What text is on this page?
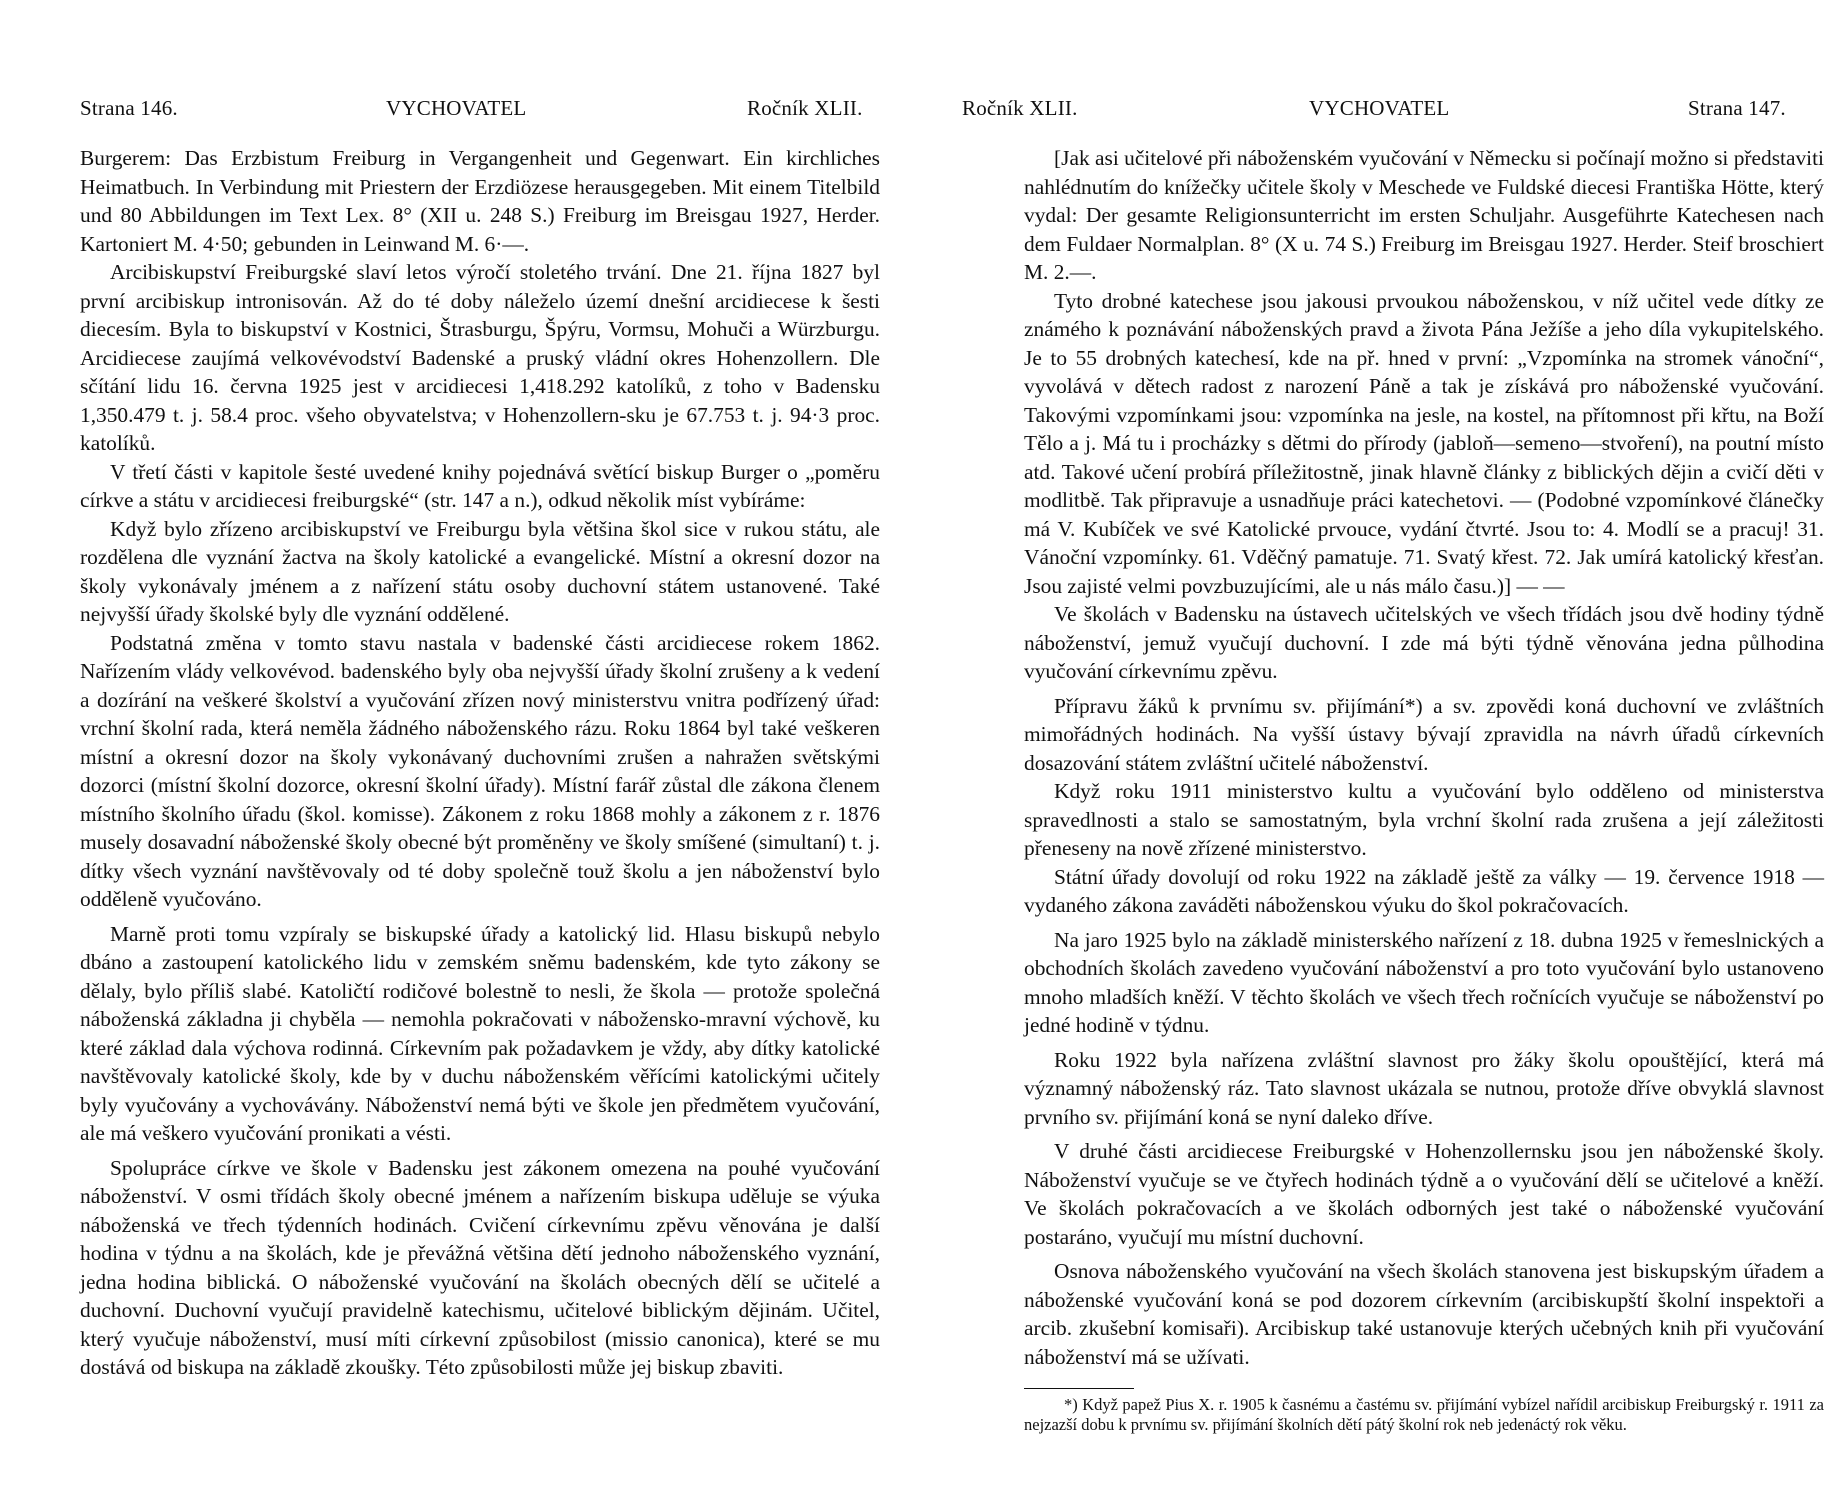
Strana 146.	VYCHOVATEL	Ročník XLII.

Burgerem: Das Erzbistum Freiburg in Vergangenheit und Gegenwart. Ein kirchliches Heimatbuch. In Verbindung mit Priestern der Erzdiözese herausgegeben. Mit einem Titelbild und 80 Abbildungen im Text Lex. 8° (XII u. 248 S.) Freiburg im Breisgau 1927, Herder. Kartoniert M. 4·50; gebunden in Leinwand M. 6·—.

Arcibiskupství Freiburgské slaví letos výročí stoletého trvání. Dne 21. října 1827 byl první arcibiskup intronisován. Až do té doby náleželo území dnešní arcidiecese k šesti diecesím. Byla to biskupství v Kostnici, Štrasburgu, Špýru, Vormsu, Mohuči a Würzburgu. Arcidiecese zaujímá velkovévodství Badenské a pruský vládní okres Hohenzollern. Dle sčítání lidu 16. června 1925 jest v arcidiecesi 1,418.292 katolíků, z toho v Badensku 1,350.479 t. j. 58.4 proc. všeho obyvatelstva; v Hohenzollern-sku je 67.753 t. j. 94·3 proc. katolíků.

V třetí části v kapitole šesté uvedené knihy pojednává světící biskup Burger o „poměru církve a státu v arcidiecesi freiburgské“ (str. 147 a n.), odkud několik míst vybíráme:

Když bylo zřízeno arcibiskupství ve Freiburgu byla většina škol sice v rukou státu, ale rozdělena dle vyznání žactva na školy katolické a evangelické. Místní a okresní dozor na školy vykonávaly jménem a z nařízení státu osoby duchovní státem ustanovené. Také nejvyšší úřady školské byly dle vyznání oddělené.

Podstatná změna v tomto stavu nastala v badenské části arcidiecese rokem 1862. Nařízením vlády velkovévod. badenského byly oba nejvyšší úřady školní zrušeny a k vedení a dozírání na veškeré školství a vyučování zřízen nový ministerstvu vnitra podřízený úřad: vrchní školní rada, která neměla žádného náboženského rázu. Roku 1864 byl také veškeren místní a okresní dozor na školy vykonávaný duchovními zrušen a nahražen světskými dozorci (místní školní dozorce, okresní školní úřady). Místní farář zůstal dle zákona členem místního školního úřadu (škol. komisse). Zákonem z roku 1868 mohly a zákonem z r. 1876 musely dosavadní náboženské školy obecné být proměněny ve školy smíšené (simultaní) t. j. dítky všech vyznání navštěvovaly od té doby společně touž školu a jen náboženství bylo odděleně vyučováno.

Marně proti tomu vzpíraly se biskupské úřady a katolický lid. Hlasu biskupů nebylo dbáno a zastoupení katolického lidu v zemském sněmu badenském, kde tyto zákony se dělaly, bylo příliš slabé. Katoličtí rodičové bolestně to nesli, že škola — protože společná náboženská základna ji chyběla — nemohla pokračovati v nábožensko-mravní výchově, ku které základ dala výchova rodinná. Církevním pak požadavkem je vždy, aby dítky katolické navštěvovaly katolické školy, kde by v duchu náboženském věřícími katolickými učitely byly vyučovány a vychovávány. Náboženství nemá býti ve škole jen předmětem vyučování, ale má veškero vyučování pronikati a vésti.

Spolupráce církve ve škole v Badensku jest zákonem omezena na pouhé vyučování náboženství. V osmi třídách školy obecné jménem a nařízením biskupa uděluje se výuka náboženská ve třech týdenních hodinách. Cvičení církevnímu zpěvu věnována je další hodina v týdnu a na školách, kde je převážná většina dětí jednoho náboženského vyznání, jedna hodina biblická. O náboženské vyučování na školách obecných dělí se učitelé a duchovní. Duchovní vyučují pravidelně katechismu, učitelové biblickým dějinám. Učitel, který vyučuje náboženství, musí míti církevní způsobilost (missio canonica), které se mu dostává od biskupa na základě zkoušky. Této způsobilosti může jej biskup zbaviti.

Ročník XLII.	VYCHOVATEL	Strana 147.

[Jak asi učitelové při náboženském vyučování v Německu si počínají možno si představiti nahlédnutím do knížečky učitele školy v Meschede ve Fuldské diecesi Františka Hötte, který vydal: Der gesamte Religionsunterricht im ersten Schuljahr. Ausgeführte Katechesen nach dem Fuldaer Normalplan. 8° (X u. 74 S.) Freiburg im Breisgau 1927. Herder. Steif broschiert M. 2.—.

Tyto drobné katechese jsou jakousi prvoukou náboženskou, v níž učitel vede dítky ze známého k poznávání náboženských pravd a života Pána Ježíše a jeho díla vykupitelského. Je to 55 drobných katechesí, kde na př. hned v první: „Vzpomínka na stromek vánoční“, vyvolává v dětech radost z narození Páně a tak je získává pro náboženské vyučování. Takovými vzpomínkami jsou: vzpomínka na jesle, na kostel, na přítomnost při křtu, na Boží Tělo a j. Má tu i procházky s dětmi do přírody (jabloň—semeno—stvoření), na poutní místo atd. Takové učení probírá příležitostně, jinak hlavně články z biblických dějin a cvičí děti v modlitbě. Tak připravuje a usnadňuje práci katechetovi. — (Podobné vzpomínkové článečky má V. Kubíček ve své Katolické prvouce, vydání čtvrté. Jsou to: 4. Modlí se a pracuj! 31. Vánoční vzpomínky. 61. Vděčný pamatuje. 71. Svatý křest. 72. Jak umírá katolický křesťan. Jsou zajisté velmi povzbuzujícími, ale u nás málo času.)] — —

Ve školách v Badensku na ústavech učitelských ve všech třídách jsou dvě hodiny týdně náboženství, jemuž vyučují duchovní. I zde má býti týdně věnována jedna půlhodina vyučování církevnímu zpěvu.

Přípravu žáků k prvnímu sv. přijímání*) a sv. zpovědi koná duchovní ve zvláštních mimořádných hodinách. Na vyšší ústavy bývají zpravidla na návrh úřadů církevních dosazování státem zvláštní učitelé náboženství.

Když roku 1911 ministerstvo kultu a vyučování bylo odděleno od ministerstva spravedlnosti a stalo se samostatným, byla vrchní školní rada zrušena a její záležitosti přeneseny na nově zřízené ministerstvo.

Státní úřady dovolují od roku 1922 na základě ještě za války — 19. července 1918 — vydaného zákona zaváděti náboženskou výuku do škol pokračovacích.

Na jaro 1925 bylo na základě ministerského nařízení z 18. dubna 1925 v řemeslnických a obchodních školách zavedeno vyučování náboženství a pro toto vyučování bylo ustanoveno mnoho mladších kněží. V těchto školách ve všech třech ročnících vyučuje se náboženství po jedné hodině v týdnu.

Roku 1922 byla nařízena zvláštní slavnost pro žáky školu opouštějící, která má významný náboženský ráz. Tato slavnost ukázala se nutnou, protože dříve obvyklá slavnost prvního sv. přijímání koná se nyní daleko dříve.

V druhé části arcidiecese Freiburgské v Hohenzollernsku jsou jen náboženské školy. Náboženství vyučuje se ve čtyřech hodinách týdně a o vyučování dělí se učitelové a kněží. Ve školách pokračovacích a ve školách odborných jest také o náboženské vyučování postaráno, vyučují mu místní duchovní.

Osnova náboženského vyučování na všech školách stanovena jest biskupským úřadem a náboženské vyučování koná se pod dozorem církevním (arcibiskupští školní inspektoři a arcib. zkušební komisaři). Arcibiskup také ustanovuje kterých učebných knih při vyučování náboženství má se užívati.

*) Když papež Pius X. r. 1905 k časnému a častému sv. přijímání vybízel nařídil arcibiskup Freiburgský r. 1911 za nejzazší dobu k prvnímu sv. přijímání školních dětí pátý školní rok neb jedenáctý rok věku.
